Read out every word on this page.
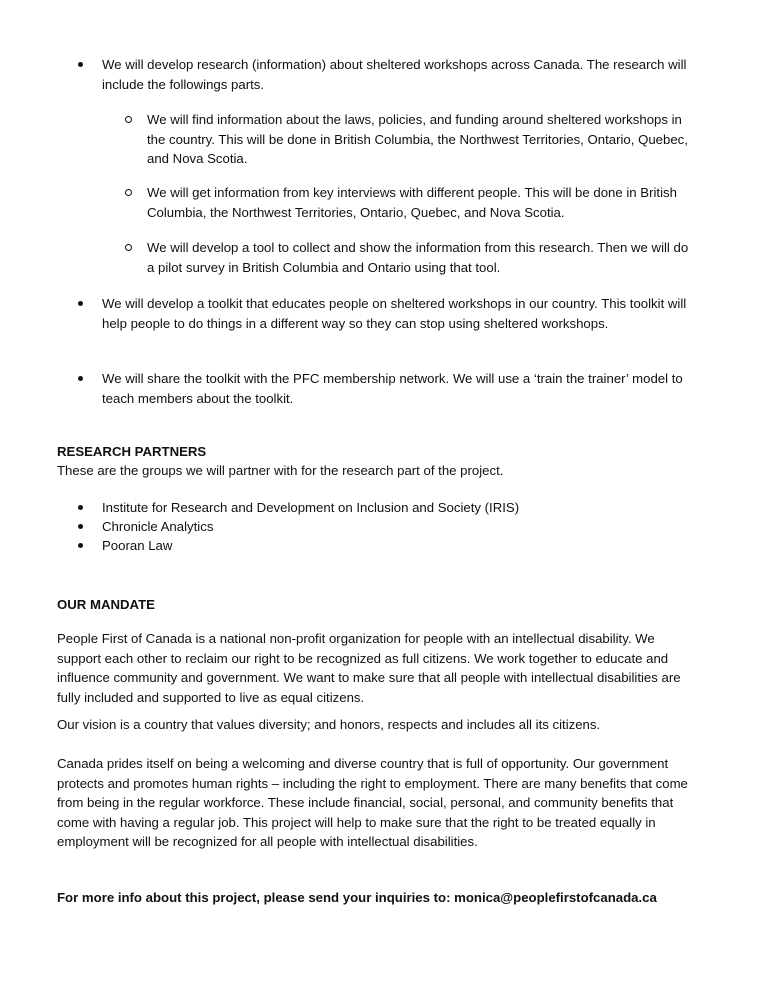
We will develop research (information) about sheltered workshops across Canada. The research will include the followings parts.
We will find information about the laws, policies, and funding around sheltered workshops in the country. This will be done in British Columbia, the Northwest Territories, Ontario, Quebec, and Nova Scotia.
We will get information from key interviews with different people. This will be done in British Columbia, the Northwest Territories, Ontario, Quebec, and Nova Scotia.
We will develop a tool to collect and show the information from this research. Then we will do a pilot survey in British Columbia and Ontario using that tool.
We will develop a toolkit that educates people on sheltered workshops in our country. This toolkit will help people to do things in a different way so they can stop using sheltered workshops.
We will share the toolkit with the PFC membership network. We will use a ‘train the trainer’ model to teach members about the toolkit.
RESEARCH PARTNERS
These are the groups we will partner with for the research part of the project.
Institute for Research and Development on Inclusion and Society (IRIS)
Chronicle Analytics
Pooran Law
OUR MANDATE

People First of Canada is a national non-profit organization for people with an intellectual disability. We support each other to reclaim our right to be recognized as full citizens. We work together to educate and influence community and government. We want to make sure that all people with intellectual disabilities are fully included and supported to live as equal citizens.

Our vision is a country that values diversity; and honors, respects and includes all its citizens.

Canada prides itself on being a welcoming and diverse country that is full of opportunity. Our government protects and promotes human rights – including the right to employment. There are many benefits that come from being in the regular workforce. These include financial, social, personal, and community benefits that come with having a regular job. This project will help to make sure that the right to be treated equally in employment will be recognized for all people with intellectual disabilities.

For more info about this project, please send your inquiries to: monica@peoplefirstofcanada.ca
